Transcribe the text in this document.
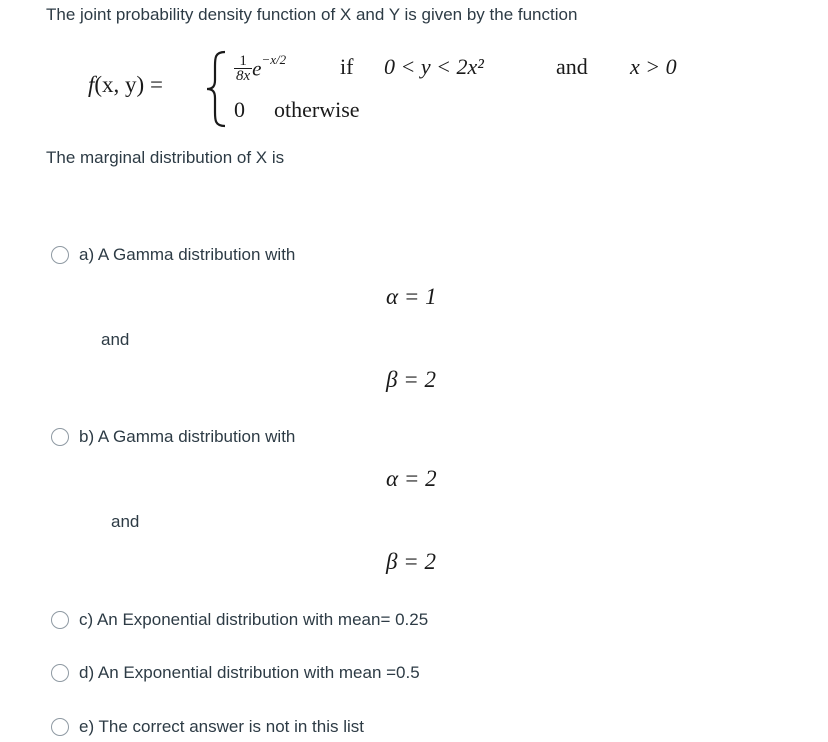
The joint probability density function of X and Y is given by the function
f(x, y) =
$\frac{1}{8x} e^{-x/2}$ if 0 < y < 2x²	and x > 0
0 otherwise
The marginal distribution of X is
a) A Gamma distribution with
α = 1
and
β = 2
b) A Gamma distribution with
α = 2
and
β = 2
c) An Exponential distribution with mean= 0.25
d) An Exponential distribution with mean =0.5
e) The correct answer is not in this list
